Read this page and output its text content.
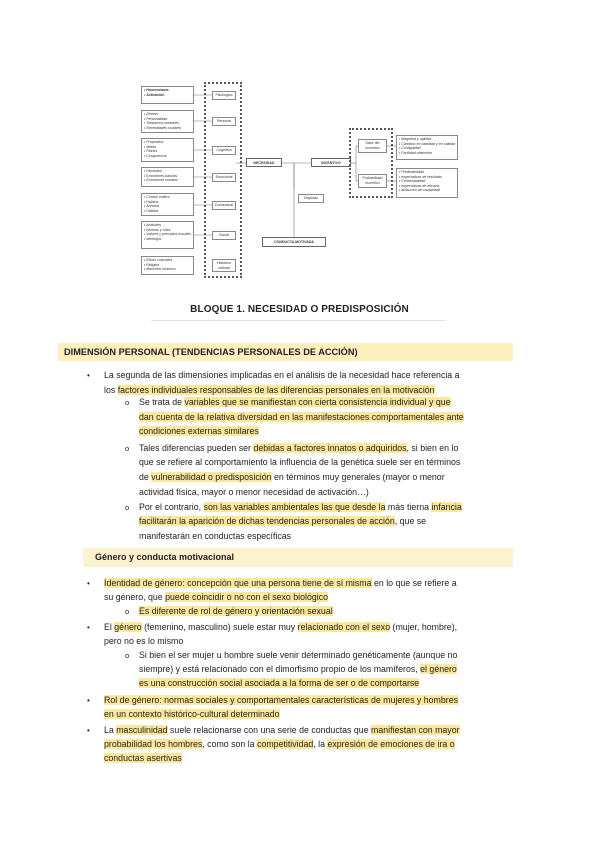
• Homeostasis
• Activación
• Género
• Personalidad
• Trastornos mentales
• Necesidades sociales
• Propósitos
• Metas
• Planes
• Congruencia
• Heuristics
• Emociones básicas
• Emociones morales
• Control volitivo
• Hábitos
• Anhelos
• Hábitos
• Actitudes
• Normas y roles
• Valores y principios morales
• Ideología
• Éticas culturales
• Religión
• Momento histórico
Fisiológica
Personal
Cognitiva
Emocional
Conductual
Social
Histórico cultural
NECESIDAD	INCENTIVO
Disputas
CONDUCTA MOTIVADA
Valor del incentivo
Probabilidad incentivo
• Magnitud y calidad
• Cambios en cantidad y en calidad
• Contigüidad
• Facilidad obtención
• Predictibilidad
• expectativas de resultado
• Controlabilidad
• expectativas de eficacia
• atribución de causalidad
BLOQUE 1. NECESIDAD O PREDISPOSICIÓN
DIMENSIÓN PERSONAL (TENDENCIAS PERSONALES DE ACCIÓN)
• La segunda de las dimensiones implicadas en el análisis de la necesidad hace referencia a
los factores individuales responsables de las diferencias personales en la motivación
o Se trata de variables que se manifiestan con cierta consistencia individual y que
dan cuenta de la relativa diversidad en las manifestaciones comportamentales ante
condiciones externas similares
o Tales diferencias pueden ser debidas a factores innatos o adquiridos, si bien en lo
que se refiere al comportamiento la influencia de la genética suele ser en términos
de vulnerabilidad o predisposición en términos muy generales (mayor o menor
actividad física, mayor o menor necesidad de activación…)
o Por el contrario, son las variables ambientales las que desde la más tierna infancia
facilitarán la aparición de dichas tendencias personales de acción, que se
manifestarán en conductas específicas
Género y conducta motivacional
• Identidad de género: concepción que una persona tiene de sí misma en lo que se refiere a
su género, que puede coincidir o no con el sexo biológico
o Es diferente de rol de género y orientación sexual
• El género (femenino, masculino) suele estar muy relacionado con el sexo (mujer, hombre),
pero no es lo mismo
o Si bien el ser mujer u hombre suele venir determinado genéticamente (aunque no
siempre) y está relacionado con el dimorfismo propio de los mamíferos, el género
es una construcción social asociada a la forma de ser o de comportarse
• Rol de género: normas sociales y comportamentales características de mujeres y hombres
en un contexto histórico-cultural determinado
• La masculinidad suele relacionarse con una serie de conductas que manifiestan con mayor
probabilidad los hombres, como son la competitividad, la expresión de emociones de ira o
conductas asertivas
